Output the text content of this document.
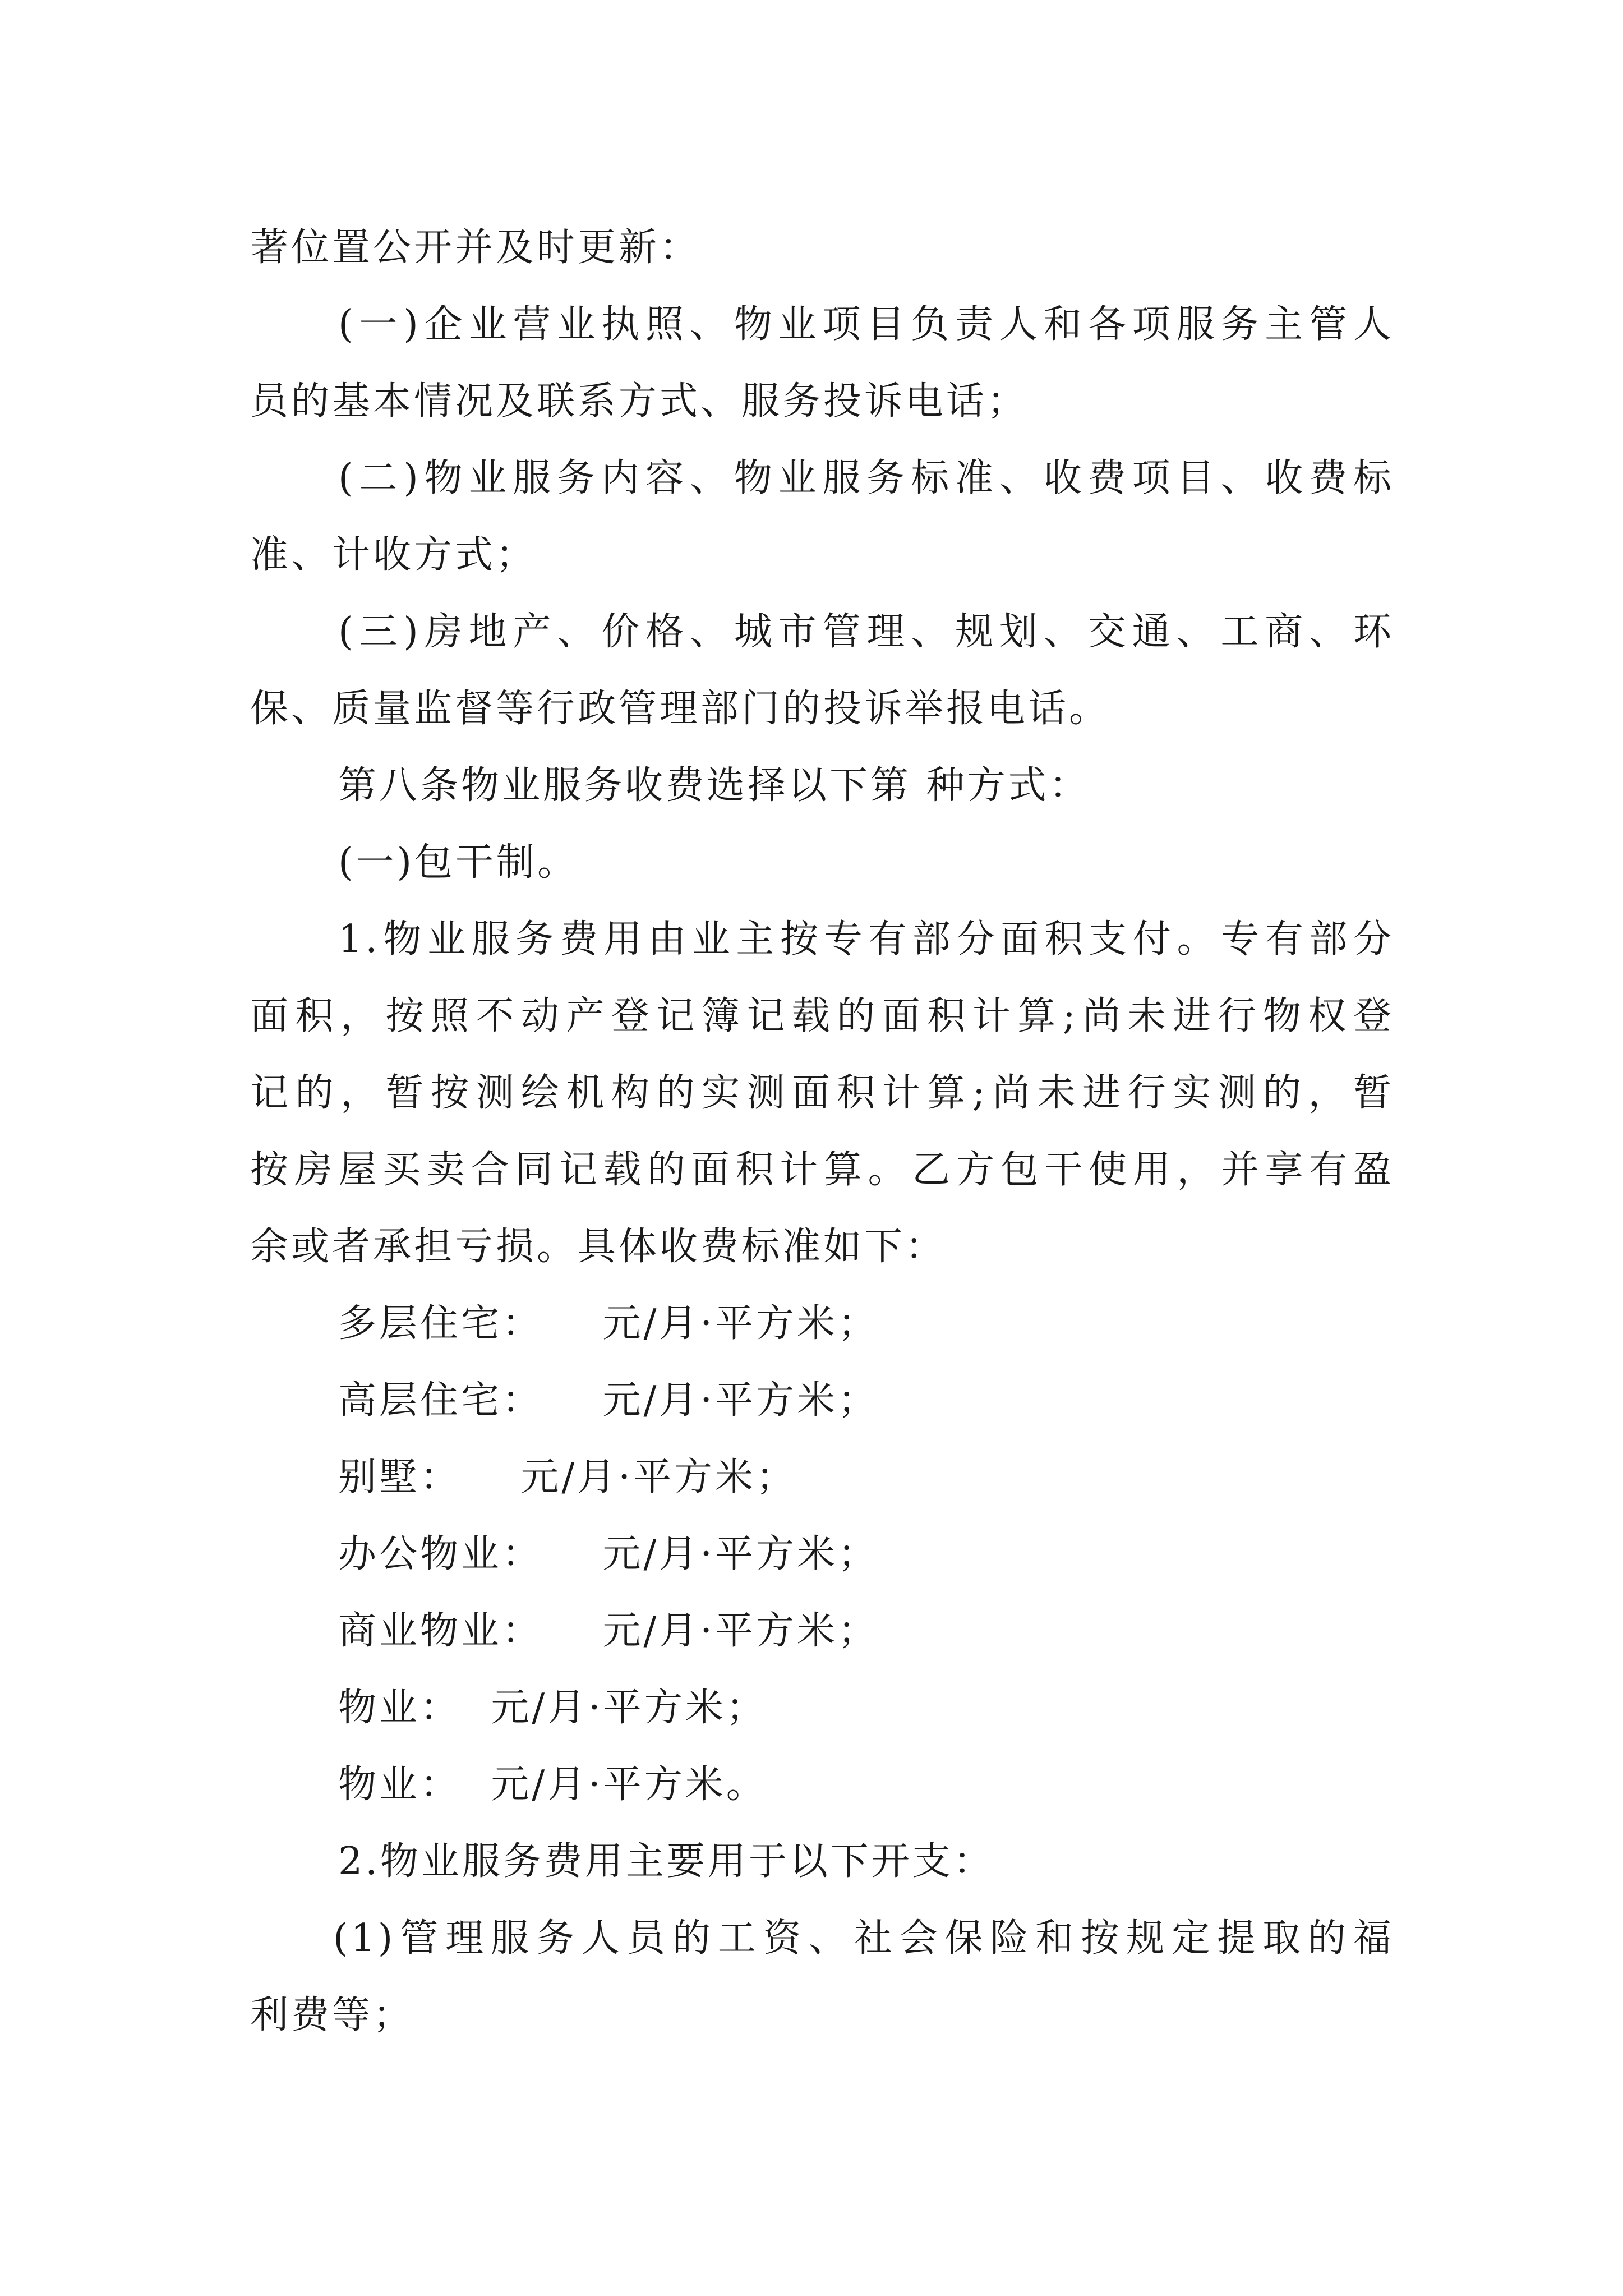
著位置公开并及时更新：
(一)企业营业执照、物业项目负责人和各项服务主管人
员的基本情况及联系方式、服务投诉电话；
(二)物业服务内容、物业服务标准、收费项目、收费标
准、计收方式；
(三)房地产、价格、城市管理、规划、交通、工商、环
保、质量监督等行政管理部门的投诉举报电话。
第八条物业服务收费选择以下第 种方式：
(一)包干制。
1.物业服务费用由业主按专有部分面积支付。专有部分
面积，按照不动产登记簿记载的面积计算;尚未进行物权登
记的，暂按测绘机构的实测面积计算;尚未进行实测的，暂
按房屋买卖合同记载的面积计算。乙方包干使用，并享有盈
余或者承担亏损。具体收费标准如下：
多层住宅：    元/月·平方米；
高层住宅：    元/月·平方米；
别墅：    元/月·平方米；
办公物业：    元/月·平方米；
商业物业：    元/月·平方米；
物业：  元/月·平方米；
物业：  元/月·平方米。
2.物业服务费用主要用于以下开支：
(1)管理服务人员的工资、社会保险和按规定提取的福
利费等；
